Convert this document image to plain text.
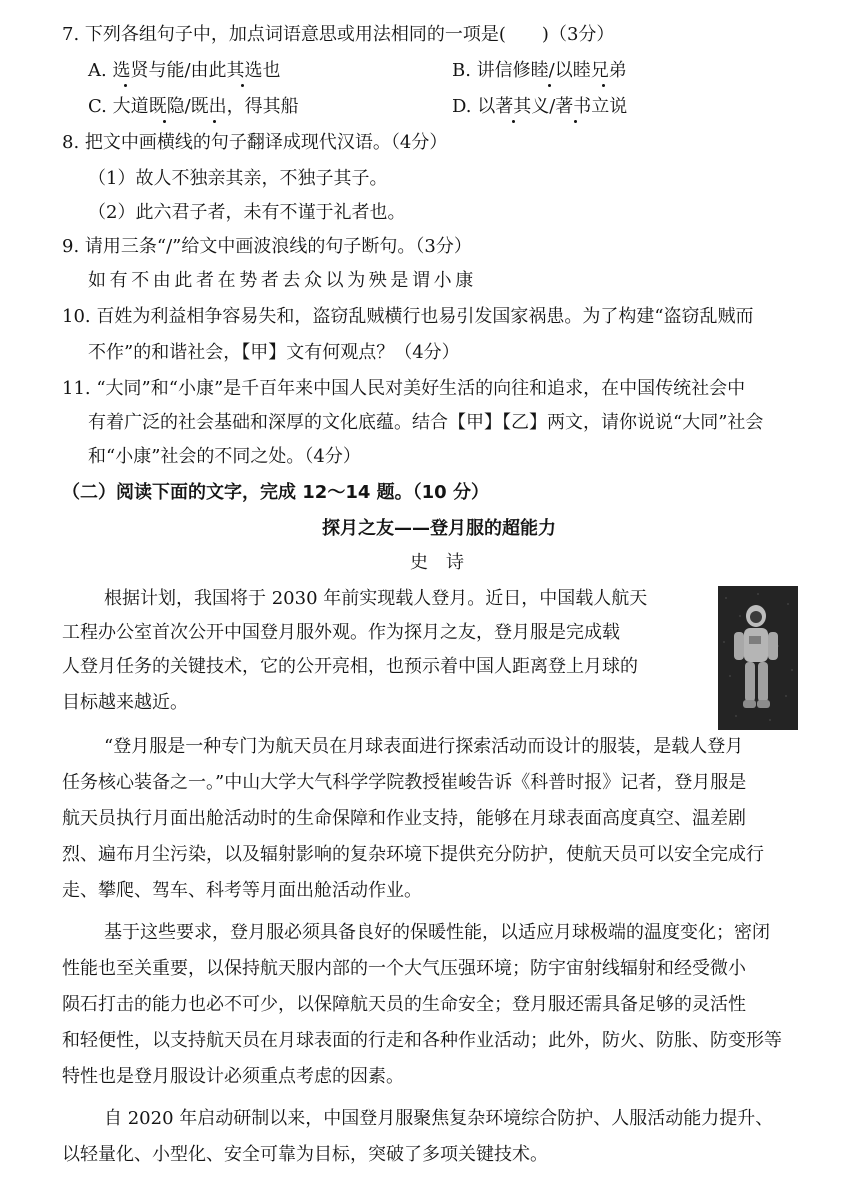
7. 下列各组句子中，加点词语意思或用法相同的一项是(　　)（3分）
A. 选贤与能/由此其选也	B. 讲信修睦/以睦兄弟
C. 大道既隐/既出，得其船	D. 以著其义/著书立说
8. 把文中画横线的句子翻译成现代汉语。（4分）
（1）故人不独亲其亲，不独子其子。
（2）此六君子者，未有不谨于礼者也。
9. 请用三条“/”给文中画波浪线的句子断句。（3分）
如有不由此者在势者去众以为殃是谓小康
10. 百姓为利益相争容易失和，盗窃乱贼横行也易引发国家祸患。为了构建“盗窃乱贼而
不作”的和谐社会，【甲】文有何观点？（4分）
11. “大同”和“小康”是千百年来中国人民对美好生活的向往和追求，在中国传统社会中
有着广泛的社会基础和深厚的文化底蕴。结合【甲】【乙】两文，请你说说“大同”社会
和“小康”社会的不同之处。（4分）
（二）阅读下面的文字，完成 12～14 题。（10 分）
探月之友——登月服的超能力
史　诗
根据计划，我国将于 2030 年前实现载人登月。近日，中国载人航天
工程办公室首次公开中国登月服外观。作为探月之友，登月服是完成载
人登月任务的关键技术，它的公开亮相，也预示着中国人距离登上月球的
目标越来越近。
“登月服是一种专门为航天员在月球表面进行探索活动而设计的服装，是载人登月
任务核心装备之一。”中山大学大气科学学院教授崔峻告诉《科普时报》记者，登月服是
航天员执行月面出舱活动时的生命保障和作业支持，能够在月球表面高度真空、温差剧
烈、遍布月尘污染，以及辐射影响的复杂环境下提供充分防护，使航天员可以安全完成行
走、攀爬、驾车、科考等月面出舱活动作业。
基于这些要求，登月服必须具备良好的保暖性能，以适应月球极端的温度变化；密闭
性能也至关重要，以保持航天服内部的一个大气压强环境；防宇宙射线辐射和经受微小
陨石打击的能力也必不可少，以保障航天员的生命安全；登月服还需具备足够的灵活性
和轻便性，以支持航天员在月球表面的行走和各种作业活动；此外，防火、防胀、防变形等
特性也是登月服设计必须重点考虑的因素。
自 2020 年启动研制以来，中国登月服聚焦复杂环境综合防护、人服活动能力提升、
以轻量化、小型化、安全可靠为目标，突破了多项关键技术。
